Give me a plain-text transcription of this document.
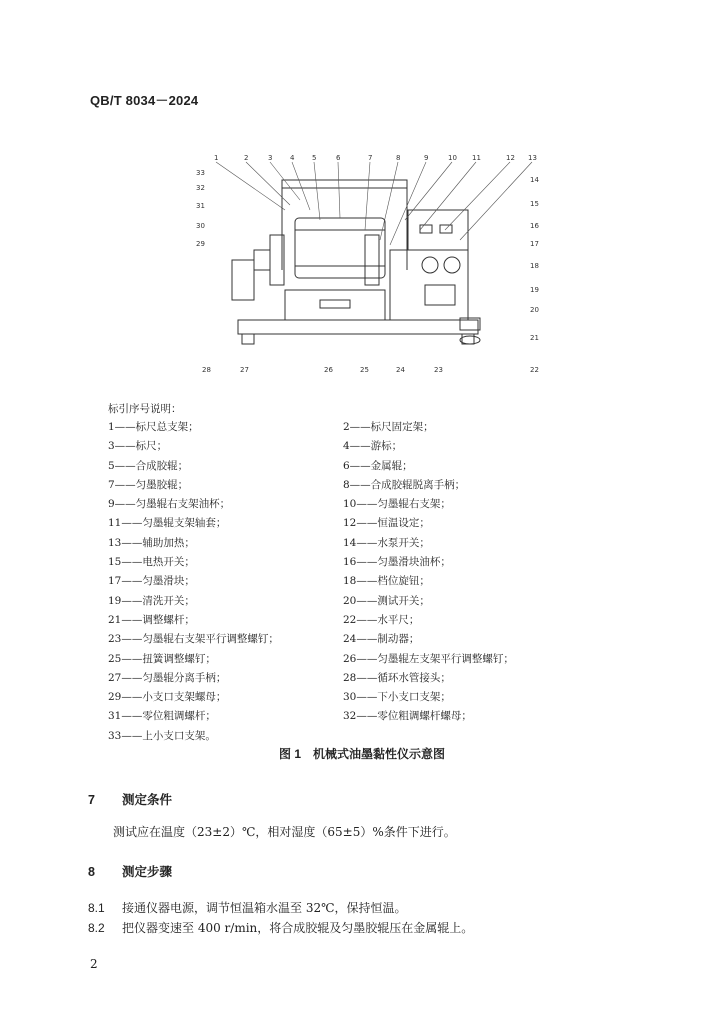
QB/T 8034－2024
1	2	3	4	5	6	7	8	9	10 11	12 13
33
32
31
30
29
14
15
16
17
18
19
20
21
22
28	27	26	25	24	23
标引序号说明：
1——标尺总支架；	2——标尺固定架；
3——标尺；	4——游标；
5——合成胶辊；	6——金属辊；
7——匀墨胶辊；	8——合成胶辊脱离手柄；
9——匀墨辊右支架油杯；	10——匀墨辊右支架；
11——匀墨辊支架轴套；	12——恒温设定；
13——辅助加热；	14——水泵开关；
15——电热开关；	16——匀墨滑块油杯；
17——匀墨滑块；	18——档位旋钮；
19——清洗开关；	20——测试开关；
21——调整螺杆；	22——水平尺；
23——匀墨辊右支架平行调整螺钉；	24——制动器；
25——扭簧调整螺钉；	26——匀墨辊左支架平行调整螺钉；
27——匀墨辊分离手柄；	28——循环水管接头；
29——小支口支架螺母；	30——下小支口支架；
31——零位粗调螺杆；	32——零位粗调螺杆螺母；
33——上小支口支架。
图 1　机械式油墨黏性仪示意图
7 测定条件
测试应在温度（23±2）℃，相对湿度（65±5）%条件下进行。
8 测定步骤
8.1 接通仪器电源，调节恒温箱水温至 32℃，保持恒温。
8.2 把仪器变速至 400 r/min，将合成胶辊及匀墨胶辊压在金属辊上。
2
